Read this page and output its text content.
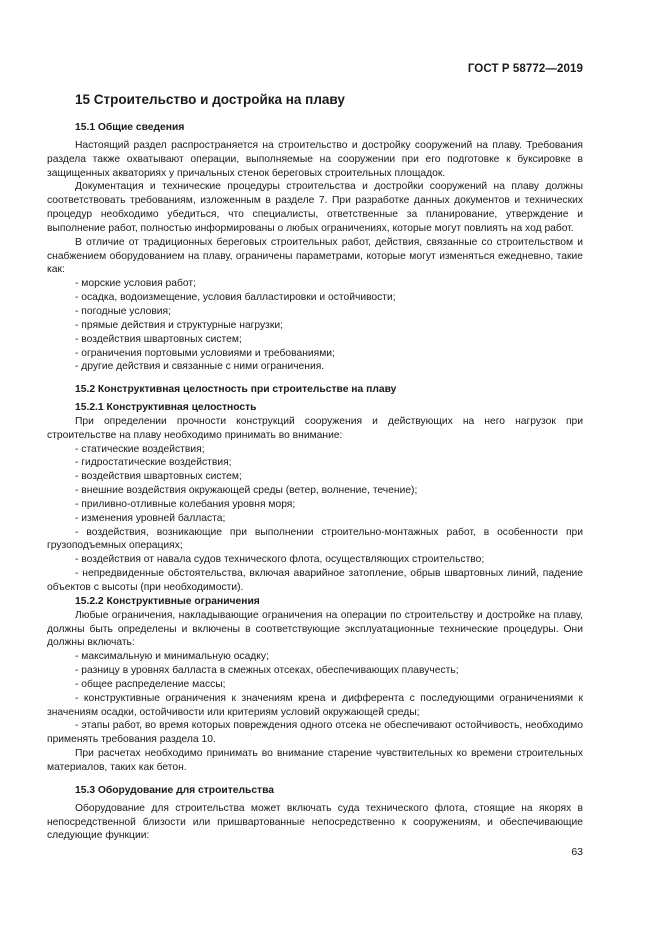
ГОСТ Р 58772—2019
15 Строительство и достройка на плаву
15.1 Общие сведения

Настоящий раздел распространяется на строительство и достройку сооружений на плаву. Требования раздела также охватывают операции, выполняемые на сооружении при его подготовке к буксировке в защищенных акваториях у причальных стенок береговых строительных площадок.

Документация и технические процедуры строительства и достройки сооружений на плаву должны соответствовать требованиям, изложенным в разделе 7. При разработке данных документов и технических процедур необходимо убедиться, что специалисты, ответственные за планирование, утверждение и выполнение работ, полностью информированы о любых ограничениях, которые могут повлиять на ход работ.

В отличие от традиционных береговых строительных работ, действия, связанные со строительством и снабжением оборудованием на плаву, ограничены параметрами, которые могут изменяться ежедневно, такие как:

- морские условия работ;
- осадка, водоизмещение, условия балластировки и остойчивости;
- погодные условия;
- прямые действия и структурные нагрузки;
- воздействия швартовных систем;
- ограничения портовыми условиями и требованиями;
- другие действия и связанные с ними ограничения.
15.2 Конструктивная целостность при строительстве на плаву
15.2.1 Конструктивная целостность

При определении прочности конструкций сооружения и действующих на него нагрузок при строительстве на плаву необходимо принимать во внимание:

- статические воздействия;
- гидростатические воздействия;
- воздействия швартовных систем;
- внешние воздействия окружающей среды (ветер, волнение, течение);
- приливно-отливные колебания уровня моря;
- изменения уровней балласта;
- воздействия, возникающие при выполнении строительно-монтажных работ, в особенности при грузоподъемных операциях;
- воздействия от навала судов технического флота, осуществляющих строительство;
- непредвиденные обстоятельства, включая аварийное затопление, обрыв швартовных линий, падение объектов с высоты (при необходимости).
15.2.2 Конструктивные ограничения

Любые ограничения, накладывающие ограничения на операции по строительству и достройке на плаву, должны быть определены и включены в соответствующие эксплуатационные технические процедуры. Они должны включать:

- максимальную и минимальную осадку;
- разницу в уровнях балласта в смежных отсеках, обеспечивающих плавучесть;
- общее распределение массы;
- конструктивные ограничения к значениям крена и дифферента с последующими ограничениями к значениям осадки, остойчивости или критериям условий окружающей среды;
- этапы работ, во время которых повреждения одного отсека не обеспечивают остойчивость, необходимо применять требования раздела 10.

При расчетах необходимо принимать во внимание старение чувствительных ко времени строительных материалов, таких как бетон.

15.3 Оборудование для строительства

Оборудование для строительства может включать суда технического флота, стоящие на якорях в непосредственной близости или пришвартованные непосредственно к сооружениям, и обеспечивающие следующие функции:

63
